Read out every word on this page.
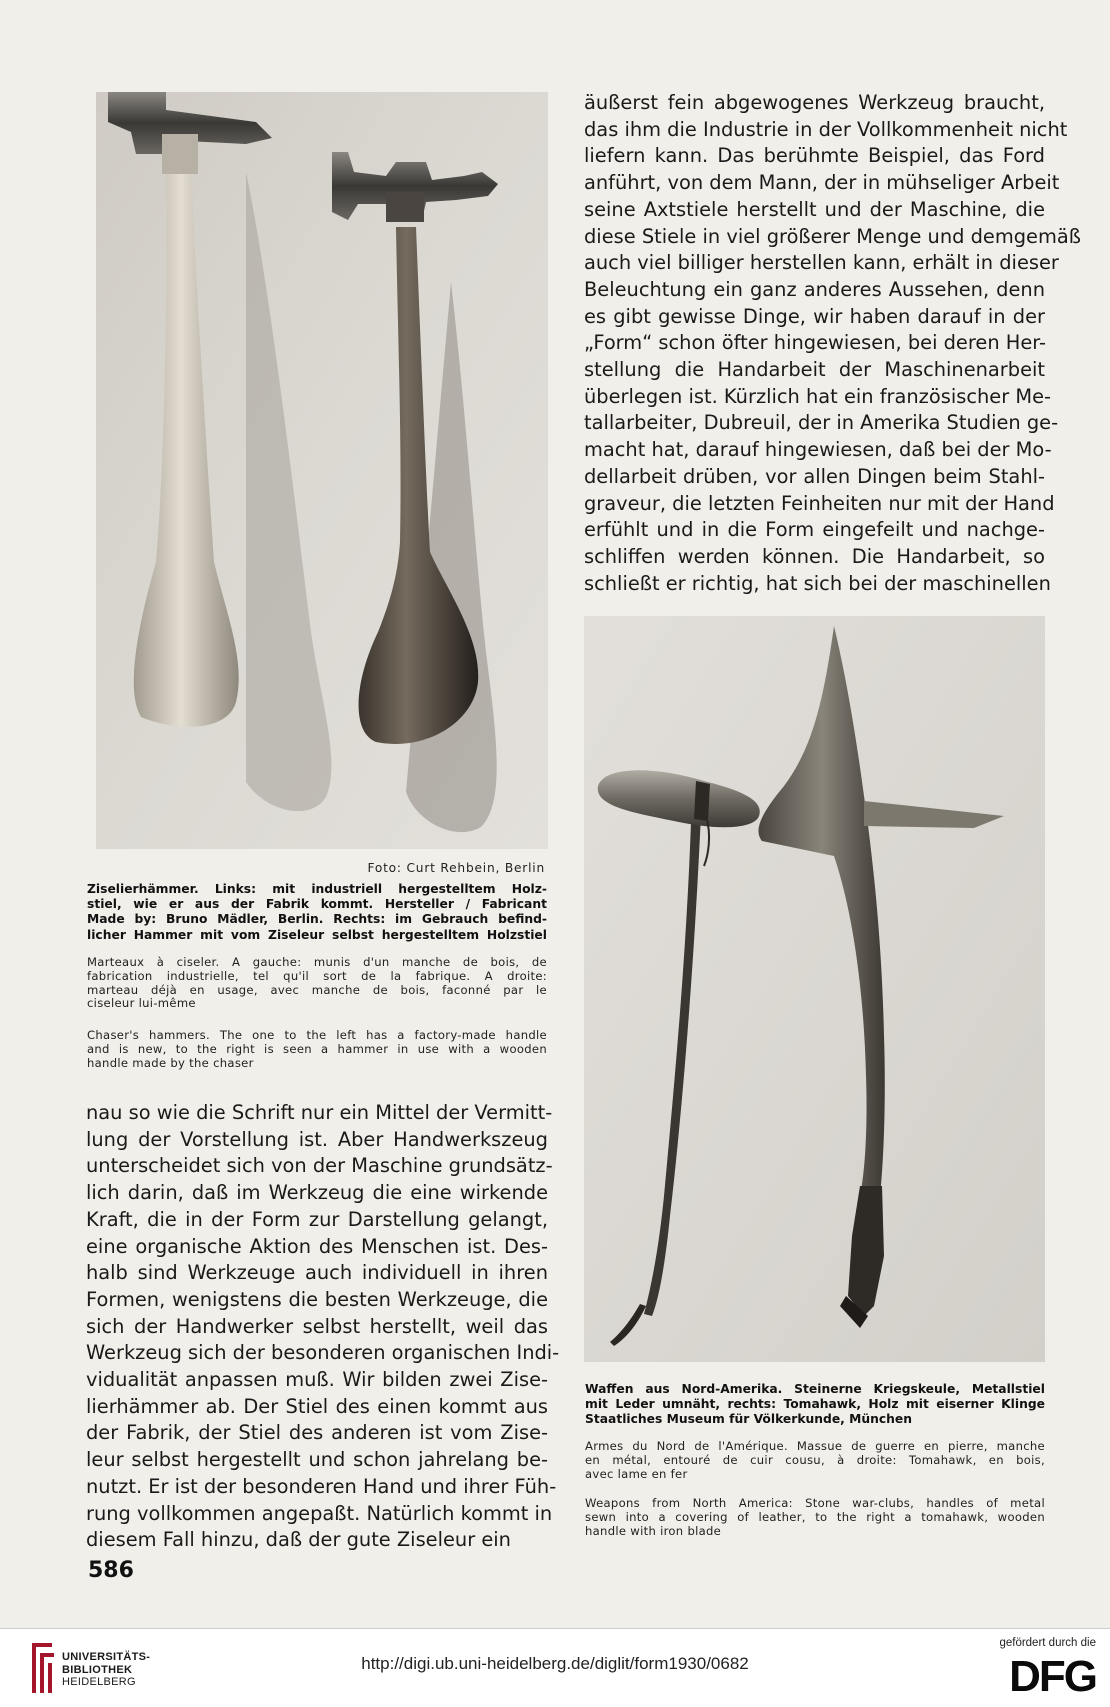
Foto: Curt Rehbein, Berlin
Ziselierhämmer. Links: mit industriell hergestelltem Holz-
stiel, wie er aus der Fabrik kommt. Hersteller / Fabricant
Made by: Bruno Mädler, Berlin. Rechts: im Gebrauch befind-
licher Hammer mit vom Ziseleur selbst hergestelltem Holzstiel
Marteaux à ciseler. A gauche: munis d'un manche de bois, de
fabrication industrielle, tel qu'il sort de la fabrique. A droite:
marteau déjà en usage, avec manche de bois, faconné par le
ciseleur lui-même
Chaser's hammers. The one to the left has a factory-made handle
and is new, to the right is seen a hammer in use with a wooden
handle made by the chaser
äußerst fein abgewogenes Werkzeug braucht,
das ihm die Industrie in der Vollkommenheit nicht
liefern kann. Das berühmte Beispiel, das Ford
anführt, von dem Mann, der in mühseliger Arbeit
seine Axtstiele herstellt und der Maschine, die
diese Stiele in viel größerer Menge und demgemäß
auch viel billiger herstellen kann, erhält in dieser
Beleuchtung ein ganz anderes Aussehen, denn
es gibt gewisse Dinge, wir haben darauf in der
„Form“ schon öfter hingewiesen, bei deren Her-
stellung die Handarbeit der Maschinenarbeit
überlegen ist. Kürzlich hat ein französischer Me-
tallarbeiter, Dubreuil, der in Amerika Studien ge-
macht hat, darauf hingewiesen, daß bei der Mo-
dellarbeit drüben, vor allen Dingen beim Stahl-
graveur, die letzten Feinheiten nur mit der Hand
erfühlt und in die Form eingefeilt und nachge-
schliffen werden können. Die Handarbeit, so
schließt er richtig, hat sich bei der maschinellen
Waffen aus Nord-Amerika. Steinerne Kriegskeule, Metallstiel
mit Leder umnäht, rechts: Tomahawk, Holz mit eiserner Klinge
Staatliches Museum für Völkerkunde, München
Armes du Nord de l'Amérique. Massue de guerre en pierre, manche
en métal, entouré de cuir cousu, à droite: Tomahawk, en bois,
avec lame en fer
Weapons from North America: Stone war-clubs, handles of metal
sewn into a covering of leather, to the right a tomahawk, wooden
handle with iron blade
nau so wie die Schrift nur ein Mittel der Vermitt-
lung der Vorstellung ist. Aber Handwerkszeug
unterscheidet sich von der Maschine grundsätz-
lich darin, daß im Werkzeug die eine wirkende
Kraft, die in der Form zur Darstellung gelangt,
eine organische Aktion des Menschen ist. Des-
halb sind Werkzeuge auch individuell in ihren
Formen, wenigstens die besten Werkzeuge, die
sich der Handwerker selbst herstellt, weil das
Werkzeug sich der besonderen organischen Indi-
vidualität anpassen muß. Wir bilden zwei Zise-
lierhämmer ab. Der Stiel des einen kommt aus
der Fabrik, der Stiel des anderen ist vom Zise-
leur selbst hergestellt und schon jahrelang be-
nutzt. Er ist der besonderen Hand und ihrer Füh-
rung vollkommen angepaßt. Natürlich kommt in
diesem Fall hinzu, daß der gute Ziseleur ein
586
UNIVERSITÄTS-
BIBLIOTHEK
HEIDELBERG
http://digi.ub.uni-heidelberg.de/diglit/form1930/0682
gefördert durch die
DFG
